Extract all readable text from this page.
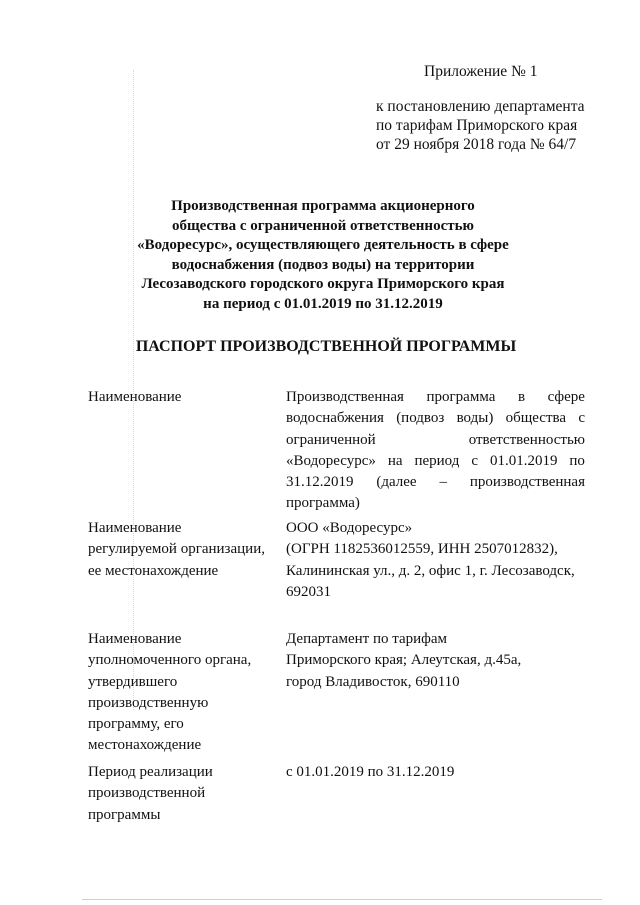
Приложение № 1
к постановлению департамента
по тарифам Приморского края
от 29 ноября 2018 года № 64/7
Производственная программа акционерного
общества с ограниченной ответственностью
«Водоресурс», осуществляющего деятельность в сфере
водоснабжения (подвоз воды) на территории
Лесозаводского городского округа Приморского края
на период с 01.01.2019 по 31.12.2019
ПАСПОРТ ПРОИЗВОДСТВЕННОЙ ПРОГРАММЫ
Наименование	Производственная программа в сфере
водоснабжения (подвоз воды) общества с
ограниченной	ответственностью
«Водоресурс» на период с 01.01.2019 по
31.12.2019 (далее – производственная
программа)
Наименование
регулируемой организации,
ее местонахождение
ООО «Водоресурс»
(ОГРН 1182536012559, ИНН 2507012832),
Калининская ул., д. 2, офис 1, г. Лесозаводск,
692031
Наименование
уполномоченного органа,
утвердившего
производственную
программу, его
местонахождение
Департамент по тарифам
Приморского края; Алеутская, д.45а,
город Владивосток, 690110
Период реализации
производственной
программы
с 01.01.2019 по 31.12.2019
